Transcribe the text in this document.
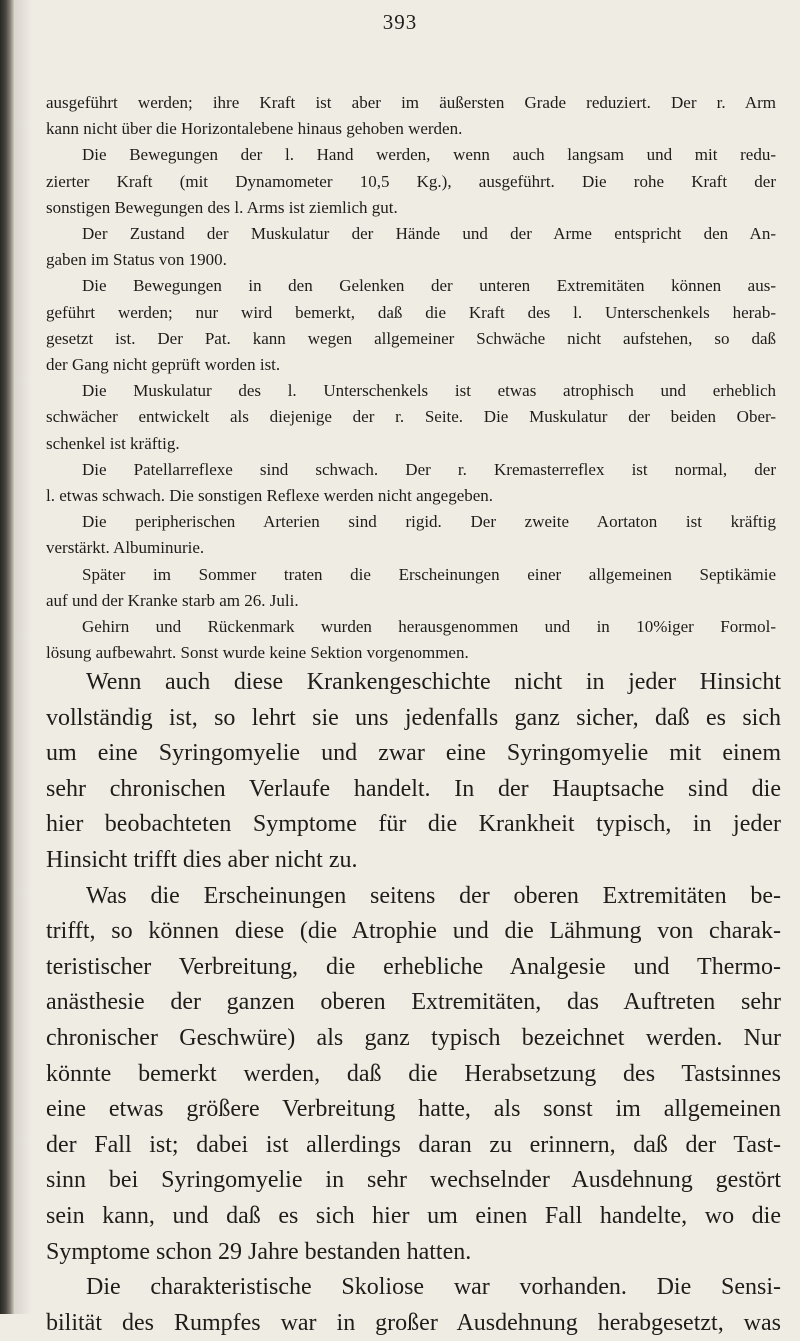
393
ausgeführt werden; ihre Kraft ist aber im äußersten Grade reduziert. Der r. Arm
kann nicht über die Horizontalebene hinaus gehoben werden.
Die Bewegungen der l. Hand werden, wenn auch langsam und mit redu-
zierter Kraft (mit Dynamometer 10,5 Kg.), ausgeführt. Die rohe Kraft der
sonstigen Bewegungen des l. Arms ist ziemlich gut.
Der Zustand der Muskulatur der Hände und der Arme entspricht den An-
gaben im Status von 1900.
Die Bewegungen in den Gelenken der unteren Extremitäten können aus-
geführt werden; nur wird bemerkt, daß die Kraft des l. Unterschenkels herab-
gesetzt ist. Der Pat. kann wegen allgemeiner Schwäche nicht aufstehen, so daß
der Gang nicht geprüft worden ist.
Die Muskulatur des l. Unterschenkels ist etwas atrophisch und erheblich
schwächer entwickelt als diejenige der r. Seite. Die Muskulatur der beiden Ober-
schenkel ist kräftig.
Die Patellarreflexe sind schwach. Der r. Kremasterreflex ist normal, der
l. etwas schwach. Die sonstigen Reflexe werden nicht angegeben.
Die peripherischen Arterien sind rigid. Der zweite Aortaton ist kräftig
verstärkt. Albuminurie.
Später im Sommer traten die Erscheinungen einer allgemeinen Septikämie
auf und der Kranke starb am 26. Juli.
Gehirn und Rückenmark wurden herausgenommen und in 10%iger Formol-
lösung aufbewahrt. Sonst wurde keine Sektion vorgenommen.
Wenn auch diese Krankengeschichte nicht in jeder Hinsicht
vollständig ist, so lehrt sie uns jedenfalls ganz sicher, daß es sich
um eine Syringomyelie und zwar eine Syringomyelie mit einem
sehr chronischen Verlaufe handelt. In der Hauptsache sind die
hier beobachteten Symptome für die Krankheit typisch, in jeder
Hinsicht trifft dies aber nicht zu.
Was die Erscheinungen seitens der oberen Extremitäten be-
trifft, so können diese (die Atrophie und die Lähmung von charak-
teristischer Verbreitung, die erhebliche Analgesie und Thermo-
anästhesie der ganzen oberen Extremitäten, das Auftreten sehr
chronischer Geschwüre) als ganz typisch bezeichnet werden. Nur
könnte bemerkt werden, daß die Herabsetzung des Tastsinnes
eine etwas größere Verbreitung hatte, als sonst im allgemeinen
der Fall ist; dabei ist allerdings daran zu erinnern, daß der Tast-
sinn bei Syringomyelie in sehr wechselnder Ausdehnung gestört
sein kann, und daß es sich hier um einen Fall handelte, wo die
Symptome schon 29 Jahre bestanden hatten.
Die charakteristische Skoliose war vorhanden. Die Sensi-
bilität des Rumpfes war in großer Ausdehnung herabgesetzt, was
